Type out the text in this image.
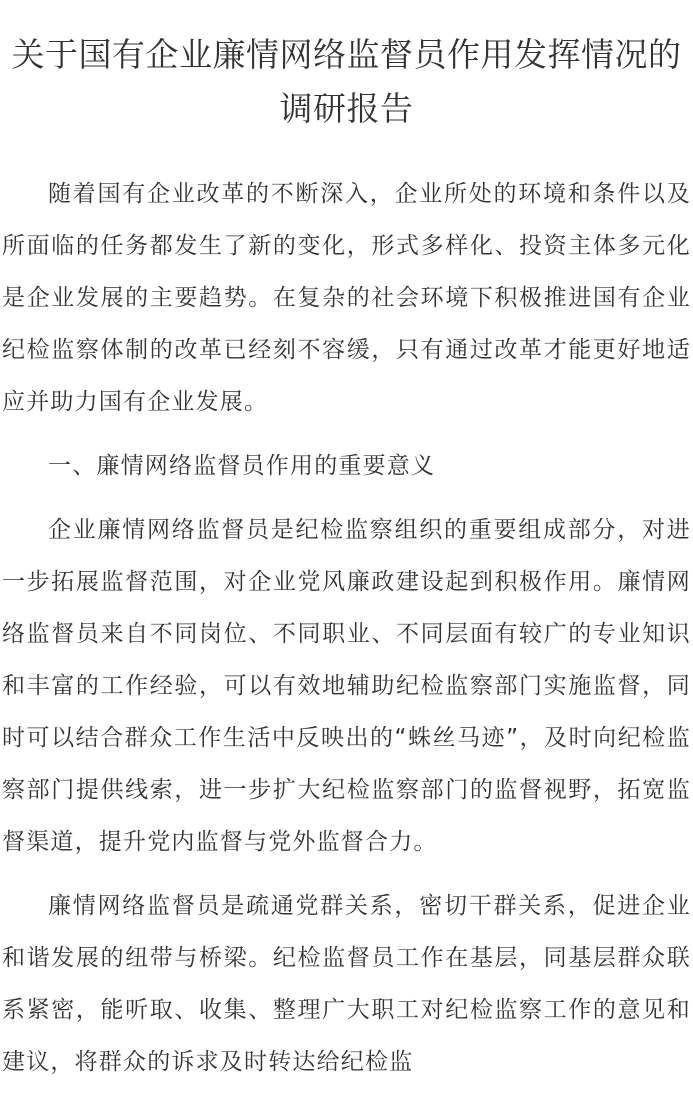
关于国有企业廉情网络监督员作用发挥情况的调研报告

随着国有企业改革的不断深入，企业所处的环境和条件以及所面临的任务都发生了新的变化，形式多样化、投资主体多元化是企业发展的主要趋势。在复杂的社会环境下积极推进国有企业纪检监察体制的改革已经刻不容缓，只有通过改革才能更好地适应并助力国有企业发展。

一、廉情网络监督员作用的重要意义

企业廉情网络监督员是纪检监察组织的重要组成部分，对进一步拓展监督范围，对企业党风廉政建设起到积极作用。廉情网络监督员来自不同岗位、不同职业、不同层面有较广的专业知识和丰富的工作经验，可以有效地辅助纪检监察部门实施监督，同时可以结合群众工作生活中反映出的“蛛丝马迹”，及时向纪检监察部门提供线索，进一步扩大纪检监察部门的监督视野，拓宽监督渠道，提升党内监督与党外监督合力。

廉情网络监督员是疏通党群关系，密切干群关系，促进企业和谐发展的纽带与桥梁。纪检监督员工作在基层，同基层群众联系紧密，能听取、收集、整理广大职工对纪检监察工作的意见和建议，将群众的诉求及时转达给纪检监
